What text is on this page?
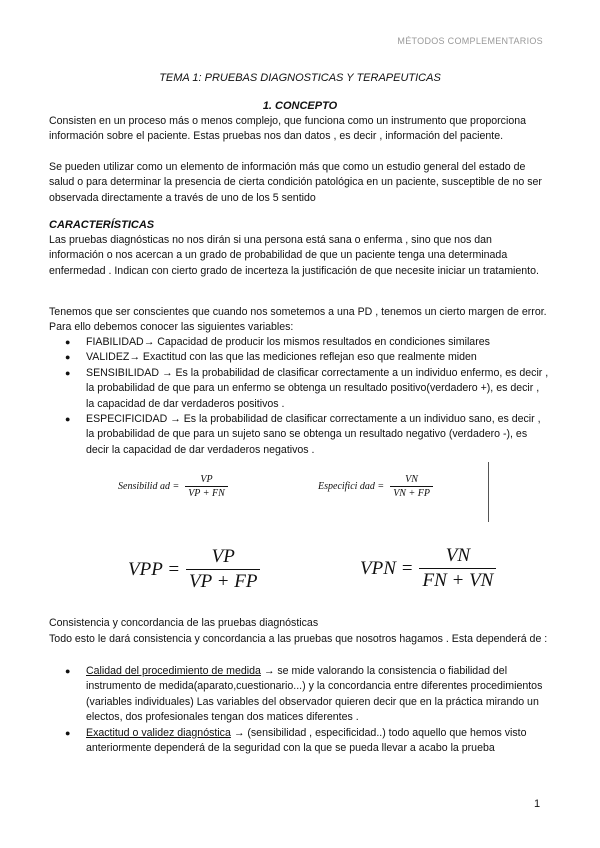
MÉTODOS COMPLEMENTARIOS
TEMA 1: PRUEBAS DIAGNOSTICAS Y TERAPEUTICAS
1. CONCEPTO
Consisten en un proceso más o menos complejo, que funciona como un instrumento que proporciona información sobre el paciente. Estas pruebas nos dan datos , es decir , información del paciente.
Se pueden utilizar como un elemento de información más que como un estudio general del estado de salud o para determinar la presencia de cierta condición patológica en un paciente, susceptible de no ser observada directamente a través de uno de los 5 sentido
CARACTERÍSTICAS
Las pruebas diagnósticas no nos dirán si una persona está sana o enferma , sino que nos dan información o nos acercan a un grado de probabilidad de que un paciente tenga una determinada enfermedad . Indican con cierto grado de incerteza la justificación de que necesite iniciar un tratamiento.
Tenemos que ser conscientes que cuando nos sometemos a una PD , tenemos un cierto margen de error. Para ello debemos conocer las siguientes variables:
● FIABILIDAD→ Capacidad de producir los mismos resultados en condiciones similares
● VALIDEZ→ Exactitud con las que las mediciones reflejan eso que realmente miden
● SENSIBILIDAD → Es la probabilidad de clasificar correctamente a un individuo enfermo, es decir , la probabilidad de que para un enfermo se obtenga un resultado positivo(verdadero +), es decir , la capacidad de dar verdaderos positivos .
● ESPECIFICIDAD → Es la probabilidad de clasificar correctamente a un individuo sano, es decir , la probabilidad de que para un sujeto sano se obtenga un resultado negativo (verdadero -), es decir la capacidad de dar verdaderos negativos .
Sensibilid ad = $\frac{VP}{VP + FN}$	Especifici dad = $\frac{VN}{VN + FP}$
VPP = $\frac{VP}{VP + FP}$	VPN = $\frac{VN}{FN + VN}$
Consistencia y concordancia de las pruebas diagnósticas
Todo esto le dará consistencia y concordancia a las pruebas que nosotros hagamos . Esta dependerá de :
● Calidad del procedimiento de medida → se mide valorando la consistencia o fiabilidad del instrumento de medida(aparato,cuestionario...) y la concordancia entre diferentes procedimientos (variables individuales) Las variables del observador quieren decir que en la práctica mirando un electos, dos profesionales tengan dos matices diferentes .
● Exactitud o validez diagnóstica → (sensibilidad , especificidad..) todo aquello que hemos visto anteriormente dependerá de la seguridad con la que se pueda llevar a acabo la prueba
1
